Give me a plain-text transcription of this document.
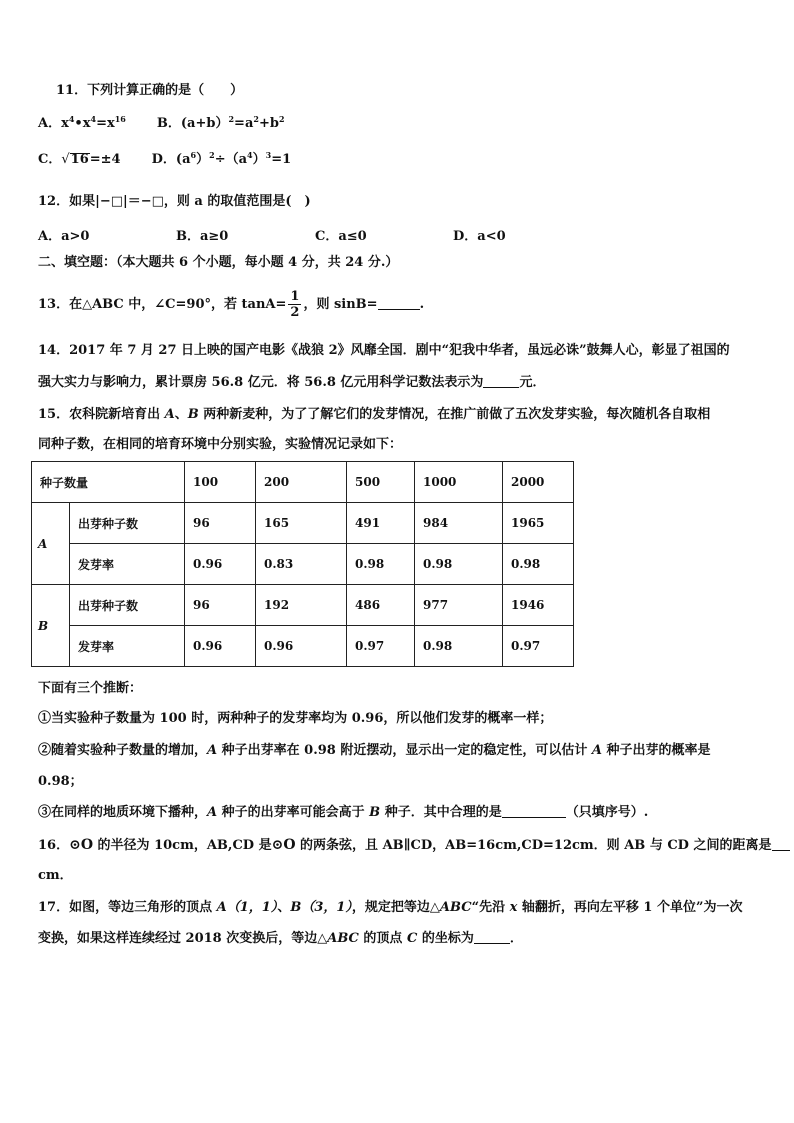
11．下列计算正确的是（　　）
A．$x^4•x^4=x^{16}$ B．$(a+b)^2=a^2+b^2$
C．√16=±4 D．$(a^6)^2\div(a^4)^3=1$
12．如果|−□|＝−□，则 a 的取值范围是(　)
A．a>0	B．a≥0	C．a≤0	D．a<0
二、填空题：（本大题共 6 个小题，每小题 4 分，共 24 分.）
13．在△ABC 中，∠C=90°，若 $\tan A= \frac{1}{2}$ ，则 sinB=	.
14．2017 年 7 月 27 日上映的国产电影《战狼 2》风靡全国．剧中“犯我中华者，虽远必诛”鼓舞人心，彰显了祖国的
强大实力与影响力，累计票房 56.8 亿元．将 56.8 亿元用科学记数法表示为	元．
15．农科院新培育出 A、B 两种新麦种，为了了解它们的发芽情况，在推广前做了五次发芽实验，每次随机各自取相
同种子数，在相同的培育环境中分别实验，实验情况记录如下：
种子数量		100	200	500	1000	2000
A	出芽种子数	96	165	491	984	1965
	发芽率	0.96	0.83	0.98	0.98	0.98
B	出芽种子数	96	192	486	977	1946
	发芽率	0.96	0.96	0.97	0.98	0.97
下面有三个推断：
①当实验种子数量为 100 时，两种种子的发芽率均为 0.96，所以他们发芽的概率一样；
②随着实验种子数量的增加，A 种子出芽率在 0.98 附近摆动，显示出一定的稳定性，可以估计 A 种子出芽的概率是
0.98；
③在同样的地质环境下播种，A 种子的出芽率可能会高于 B 种子．其中合理的是	（只填序号）.
16．⊙O 的半径为 10cm，AB,CD 是⊙O 的两条弦，且 AB∥CD，AB=16cm,CD=12cm．则 AB 与 CD 之间的距离是
cm．
17．如图，等边三角形的顶点 A（1，1）、B（3，1），规定把等边△ABC“先沿 x 轴翻折，再向左平移 1 个单位”为一次
变换，如果这样连续经过 2018 次变换后，等边△ABC 的顶点 C 的坐标为	．
